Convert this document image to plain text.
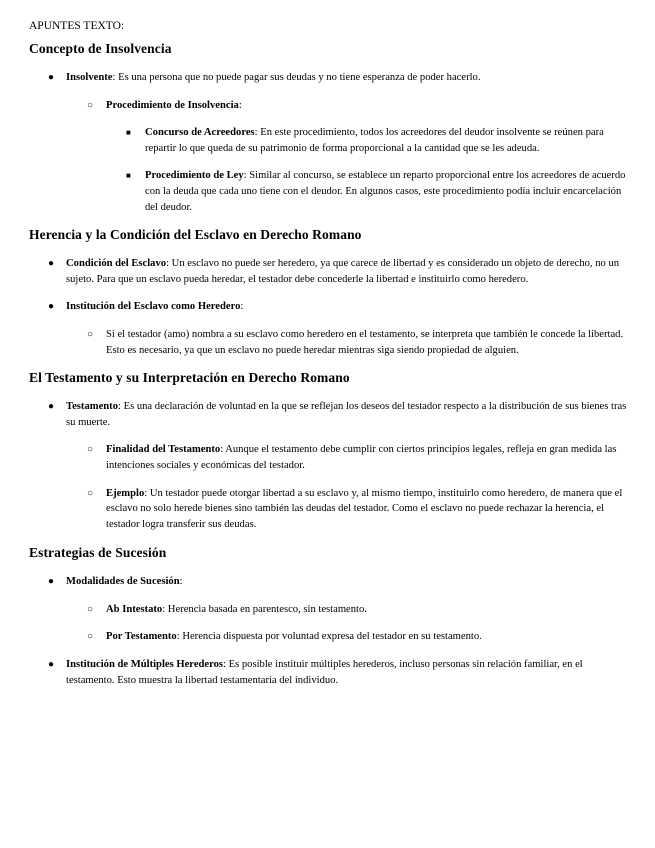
APUNTES TEXTO:
Concepto de Insolvencia

● Insolvente: Es una persona que no puede pagar sus deudas y no tiene esperanza de poder hacerlo.

○ Procedimiento de Insolvencia:

■ Concurso de Acreedores: En este procedimiento, todos los acreedores del deudor insolvente se reúnen para repartir lo que queda de su patrimonio de forma proporcional a la cantidad que se les adeuda.

■ Procedimiento de Ley: Similar al concurso, se establece un reparto proporcional entre los acreedores de acuerdo con la deuda que cada uno tiene con el deudor. En algunos casos, este procedimiento podía incluir encarcelación del deudor.

Herencia y la Condición del Esclavo en Derecho Romano

● Condición del Esclavo: Un esclavo no puede ser heredero, ya que carece de libertad y es considerado un objeto de derecho, no un sujeto. Para que un esclavo pueda heredar, el testador debe concederle la libertad e instituirlo como heredero.

● Institución del Esclavo como Heredero:

○ Si el testador (amo) nombra a su esclavo como heredero en el testamento, se interpreta que también le concede la libertad. Esto es necesario, ya que un esclavo no puede heredar mientras siga siendo propiedad de alguien.

El Testamento y su Interpretación en Derecho Romano

● Testamento: Es una declaración de voluntad en la que se reflejan los deseos del testador respecto a la distribución de sus bienes tras su muerte.

○ Finalidad del Testamento: Aunque el testamento debe cumplir con ciertos principios legales, refleja en gran medida las intenciones sociales y económicas del testador.

○ Ejemplo: Un testador puede otorgar libertad a su esclavo y, al mismo tiempo, instituirlo como heredero, de manera que el esclavo no solo herede bienes sino también las deudas del testador. Como el esclavo no puede rechazar la herencia, el testador logra transferir sus deudas.

Estrategias de Sucesión

● Modalidades de Sucesión:

○ Ab Intestato: Herencia basada en parentesco, sin testamento.

○ Por Testamento: Herencia dispuesta por voluntad expresa del testador en su testamento.

● Institución de Múltiples Herederos: Es posible instituir múltiples herederos, incluso personas sin relación familiar, en el testamento. Esto muestra la libertad testamentaria del individuo.
